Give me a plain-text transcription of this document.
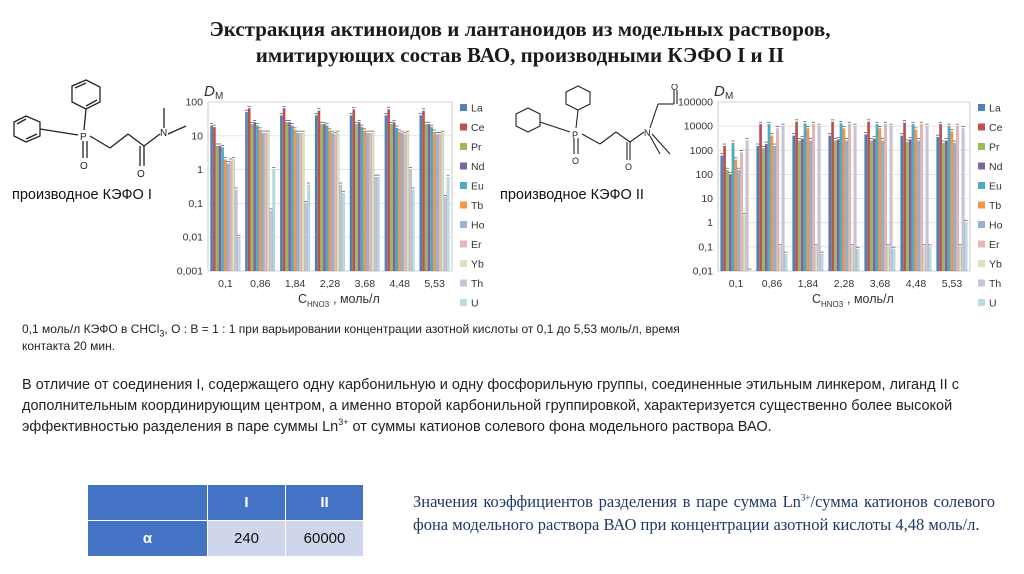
Экстракция актиноидов и лантаноидов из модельных растворов,
имитирующих состав ВАО, производными КЭФО I и II
P
O
O
N
производное КЭФО I
P
O
O
N
O
производное КЭФО II
0,001
0,01
0,1
1
10
100
D M
0,1 0,86 1,84 2,28 3,68 4,48 5,53
C HNO3 , моль/л
La
Ce
Pr
Nd
Eu
Tb
Ho
Er
Yb
Th
U
0,01
0,1
1
10
100
1000
10000
100000
D M
0,1 0,86 1,84 2,28 3,68 4,48 5,53
C HNO3 , моль/л
La
Ce
Pr
Nd
Eu
Tb
Ho
Er
Yb
Th
U
0,1 моль/л КЭФО в CHCl$_3$, О : В = 1 : 1 при варьировании концентрации азотной кислоты от 0,1 до 5,53 моль/л, время контакта 20 мин.
В отличие от соединения I, содержащего одну карбонильную и одну фосфорильную группы, соединенные этильным линкером, лиганд II с дополнительным координирующим центром, а именно второй карбонильной группировкой, характеризуется существенно более высокой эффективностью разделения в паре суммы $Ln^{3+}$ от суммы катионов солевого фона модельного раствора ВАО.
	I	II
α	240	60000
Значения коэффициентов разделения в паре сумма $Ln^{3+}$/сумма катионов солевого фона модельного раствора ВАО при концентрации азотной кислоты 4,48 моль/л.
